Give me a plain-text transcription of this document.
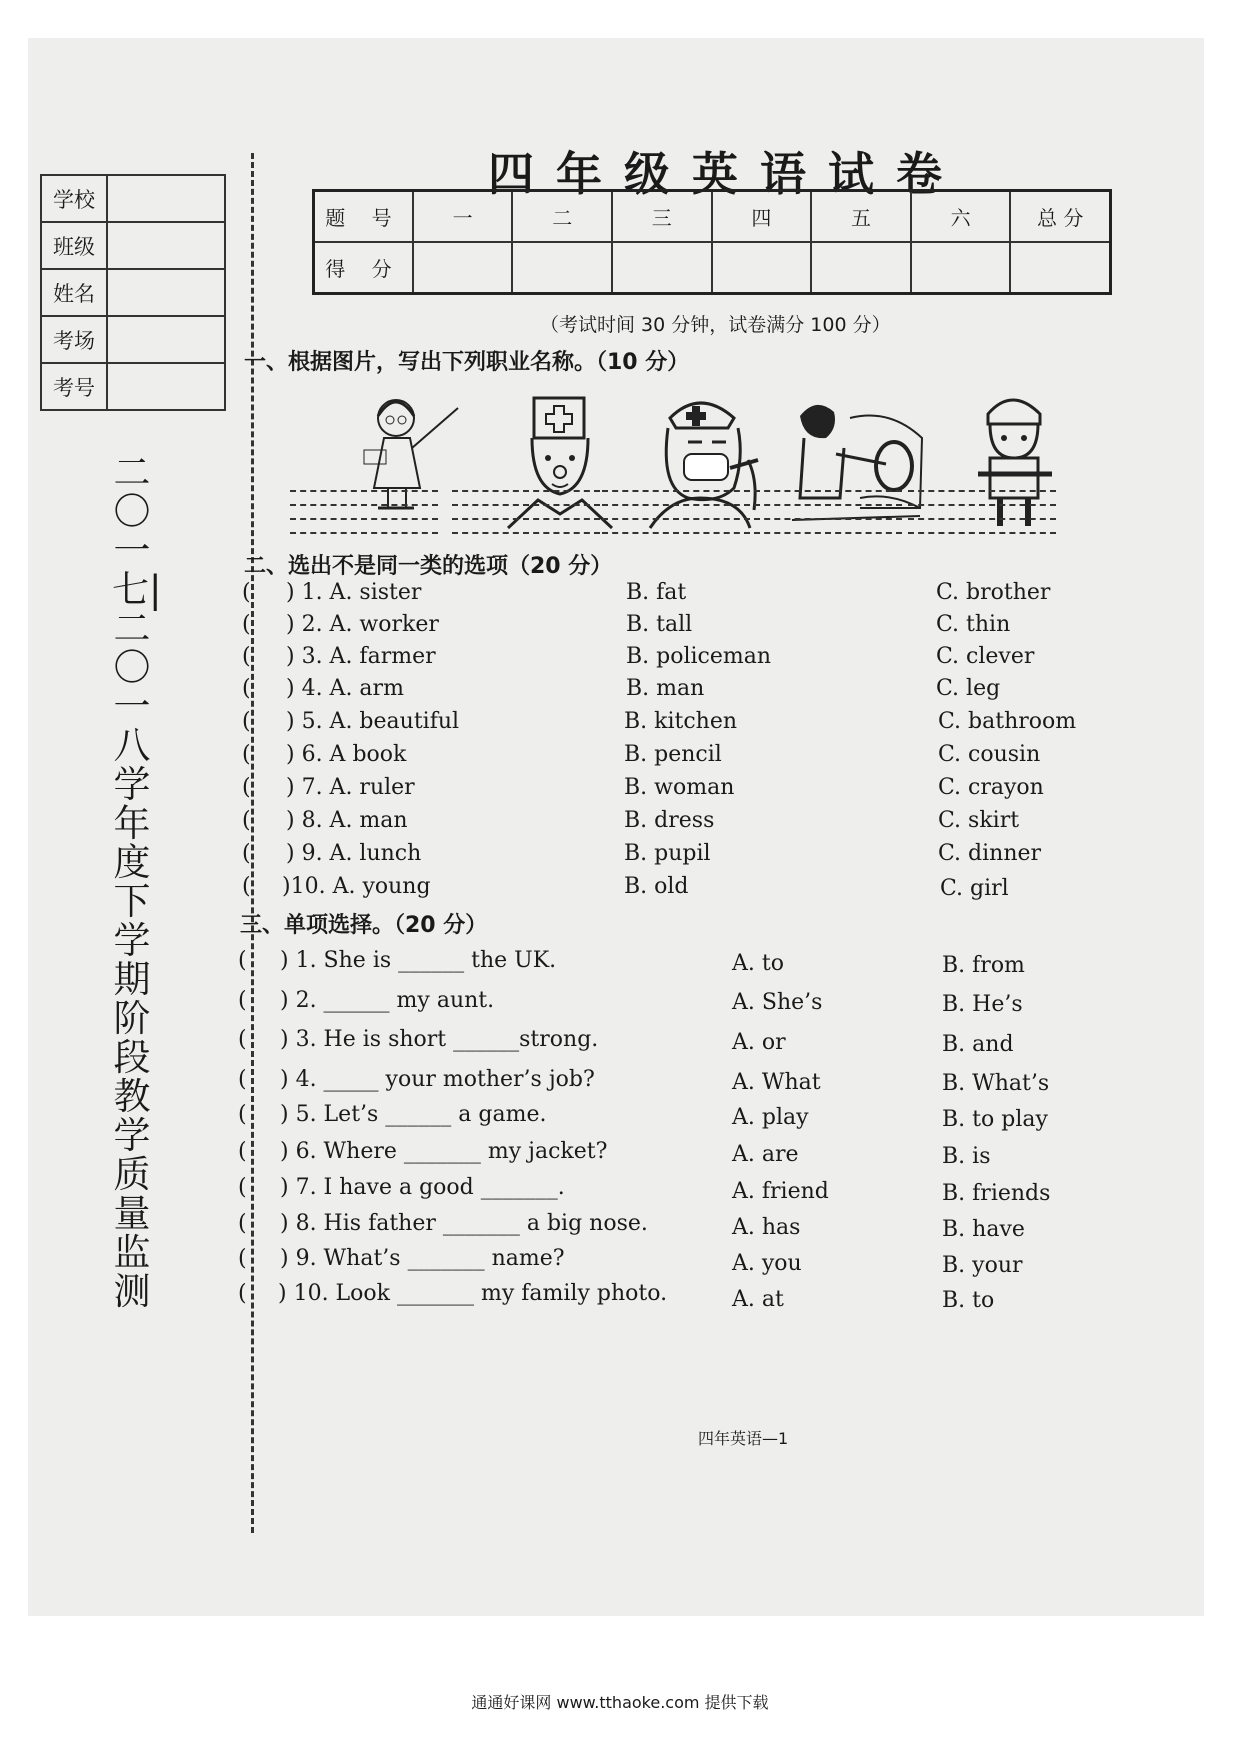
学校
班级
姓名
考场
考号
二〇一七|二〇一八学年度下学期阶段教学质量监测
四年级英语试卷
题 号	一	二	三	四	五	六	总 分
得 分							
（考试时间 30 分钟，试卷满分 100 分）
一、根据图片，写出下列职业名称。（10 分）
二、选出不是同一类的选项（20 分）
( ) 1. A. sister	B. fat	C. brother
( ) 2. A. worker	B. tall	C. thin
( ) 3. A. farmer	B. policeman	C. clever
( ) 4. A. arm	B. man	C. leg
( ) 5. A. beautiful	B. kitchen	C. bathroom
( ) 6. A book	B. pencil	C. cousin
( ) 7. A. ruler	B. woman	C. crayon
( ) 8. A. man	B. dress	C. skirt
( ) 9. A. lunch	B. pupil	C. dinner
( )10. A. young	B. old	C. girl
三、单项选择。（20 分）
( ) 1. She is ______ the UK.	A. to	B. from
( ) 2. ______ my aunt.	A. She’s	B. He’s
( ) 3. He is short ______strong.	A. or	B. and
( ) 4. _____ your mother’s job?	A. What	B. What’s
( ) 5. Let’s ______ a game.	A. play	B. to play
( ) 6. Where _______ my jacket?	A. are	B. is
( ) 7. I have a good _______.	A. friend	B. friends
( ) 8. His father _______ a big nose.	A. has	B. have
( ) 9. What’s _______ name?	A. you	B. your
( ) 10. Look _______ my family photo.	A. at	B. to
四年英语—1
通通好课网 www.tthaoke.com 提供下载
